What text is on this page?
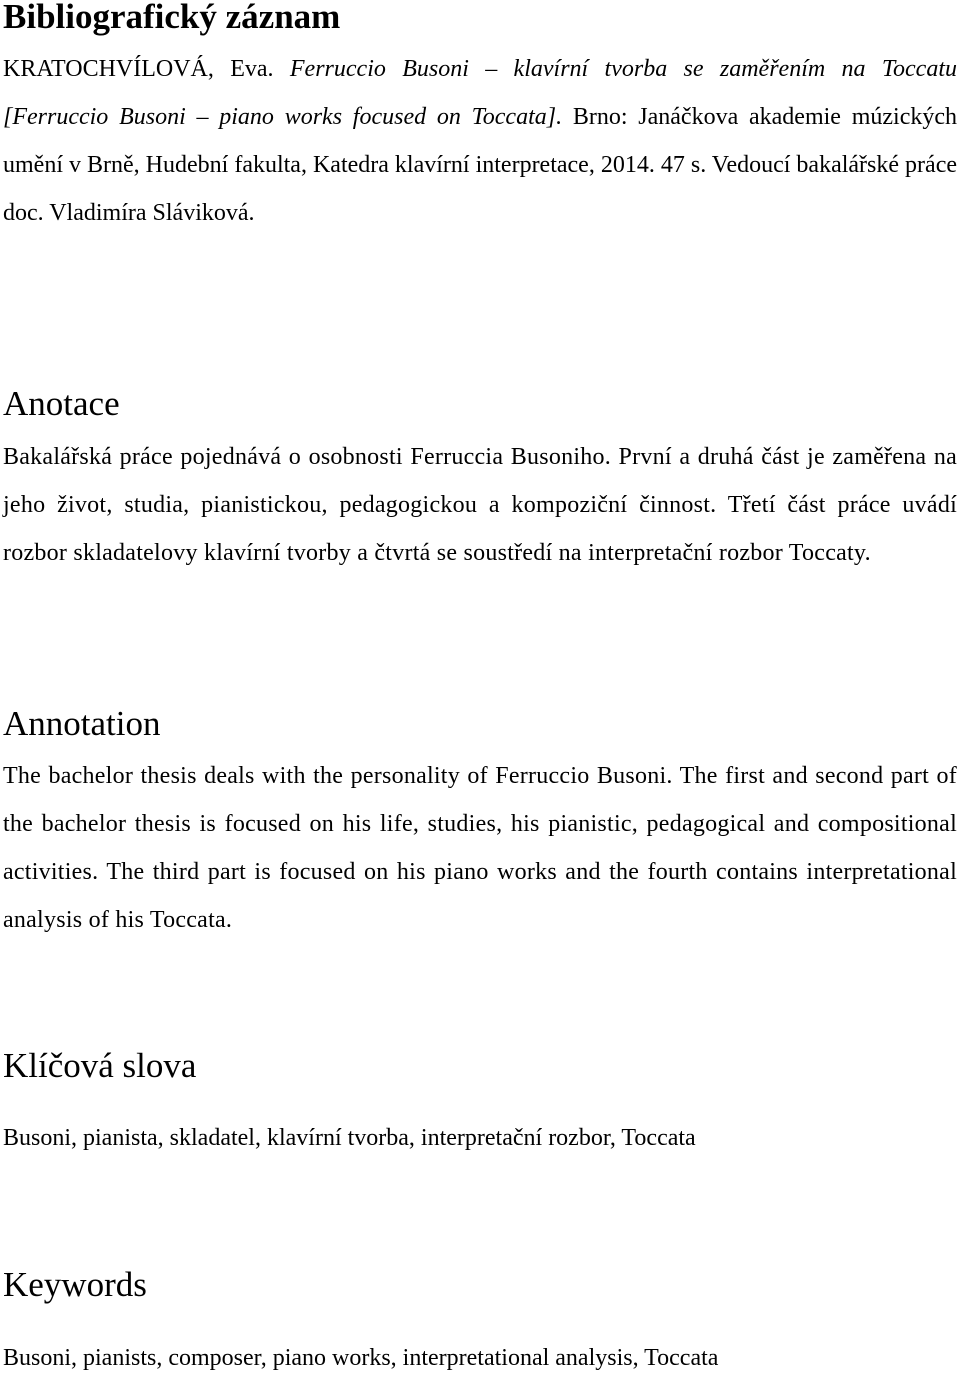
Bibliografický záznam

KRATOCHVÍLOVÁ, Eva. Ferruccio Busoni – klavírní tvorba se zaměřením na Toccatu [Ferruccio Busoni – piano works focused on Toccata]. Brno: Janáčkova akademie múzických umění v Brně, Hudební fakulta, Katedra klavírní interpretace, 2014. 47 s. Vedoucí bakalářské práce doc. Vladimíra Sláviková.

Anotace

Bakalářská práce pojednává o osobnosti Ferruccia Busoniho. První a druhá část je zaměřena na jeho život, studia, pianistickou, pedagogickou a kompoziční činnost. Třetí část práce uvádí rozbor skladatelovy klavírní tvorby a čtvrtá se soustředí na interpretační rozbor Toccaty.

Annotation

The bachelor thesis deals with the personality of Ferruccio Busoni. The first and second part of the bachelor thesis is focused on his life, studies, his pianistic, pedagogical and compositional activities. The third part is focused on his piano works and the fourth contains interpretational analysis of his Toccata.

Klíčová slova

Busoni, pianista, skladatel, klavírní tvorba, interpretační rozbor, Toccata

Keywords

Busoni, pianists, composer, piano works, interpretational analysis, Toccata
